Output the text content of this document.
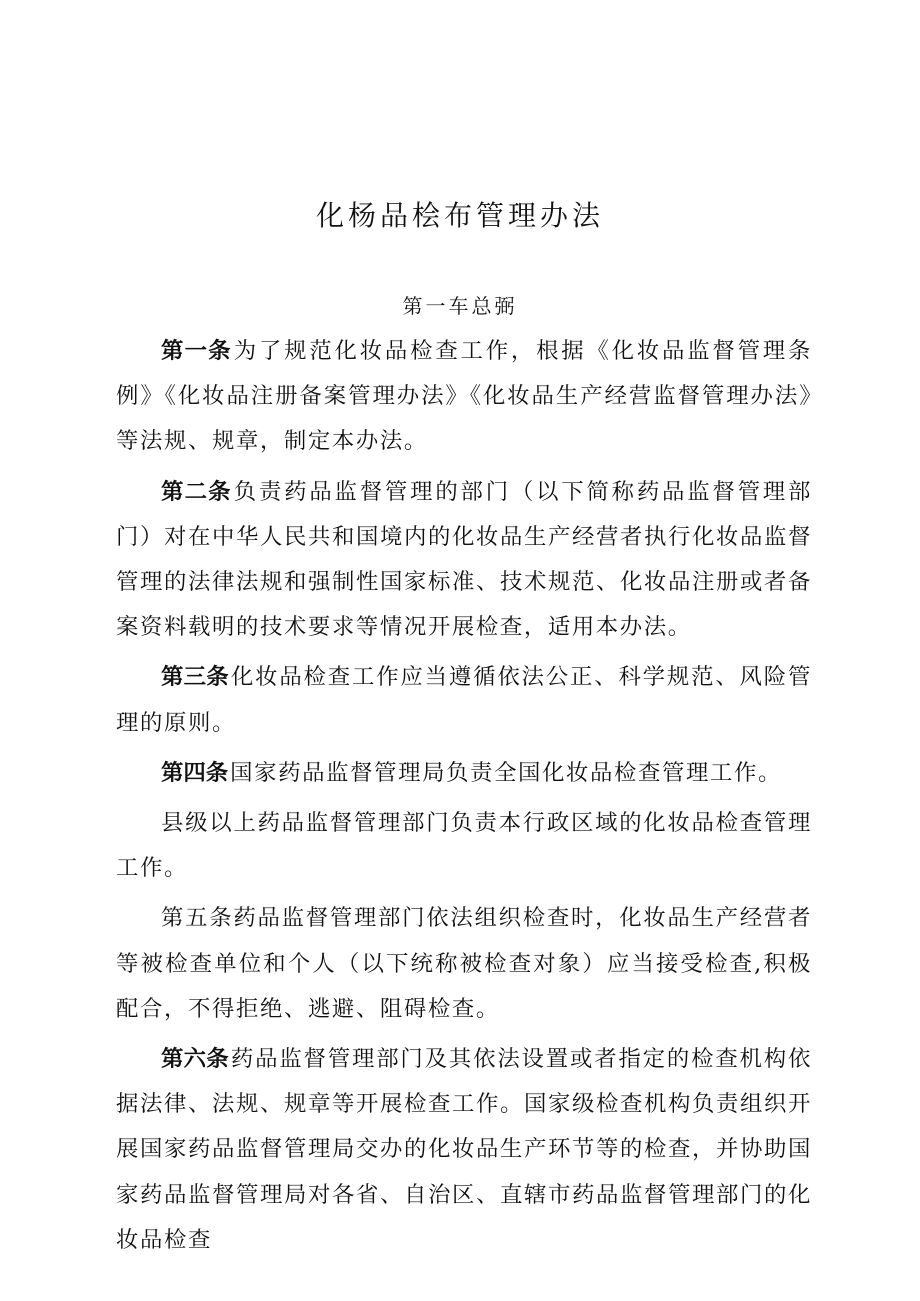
化杨品桧布管理办法
第一车总弼

第一条为了规范化妆品检查工作，根据《化妆品监督管理条例》《化妆品注册备案管理办法》《化妆品生产经营监督管理办法》等法规、规章，制定本办法。

第二条负责药品监督管理的部门（以下简称药品监督管理部门）对在中华人民共和国境内的化妆品生产经营者执行化妆品监督管理的法律法规和强制性国家标准、技术规范、化妆品注册或者备案资料载明的技术要求等情况开展检查，适用本办法。

第三条化妆品检查工作应当遵循依法公正、科学规范、风险管理的原则。

第四条国家药品监督管理局负责全国化妆品检查管理工作。

县级以上药品监督管理部门负责本行政区域的化妆品检查管理工作。

第五条药品监督管理部门依法组织检查时，化妆品生产经营者等被检查单位和个人（以下统称被检查对象）应当接受检查,积极配合，不得拒绝、逃避、阻碍检查。

第六条药品监督管理部门及其依法设置或者指定的检查机构依据法律、法规、规章等开展检查工作。国家级检查机构负责组织开展国家药品监督管理局交办的化妆品生产环节等的检查，并协助国家药品监督管理局对各省、自治区、直辖市药品监督管理部门的化妆品检查
